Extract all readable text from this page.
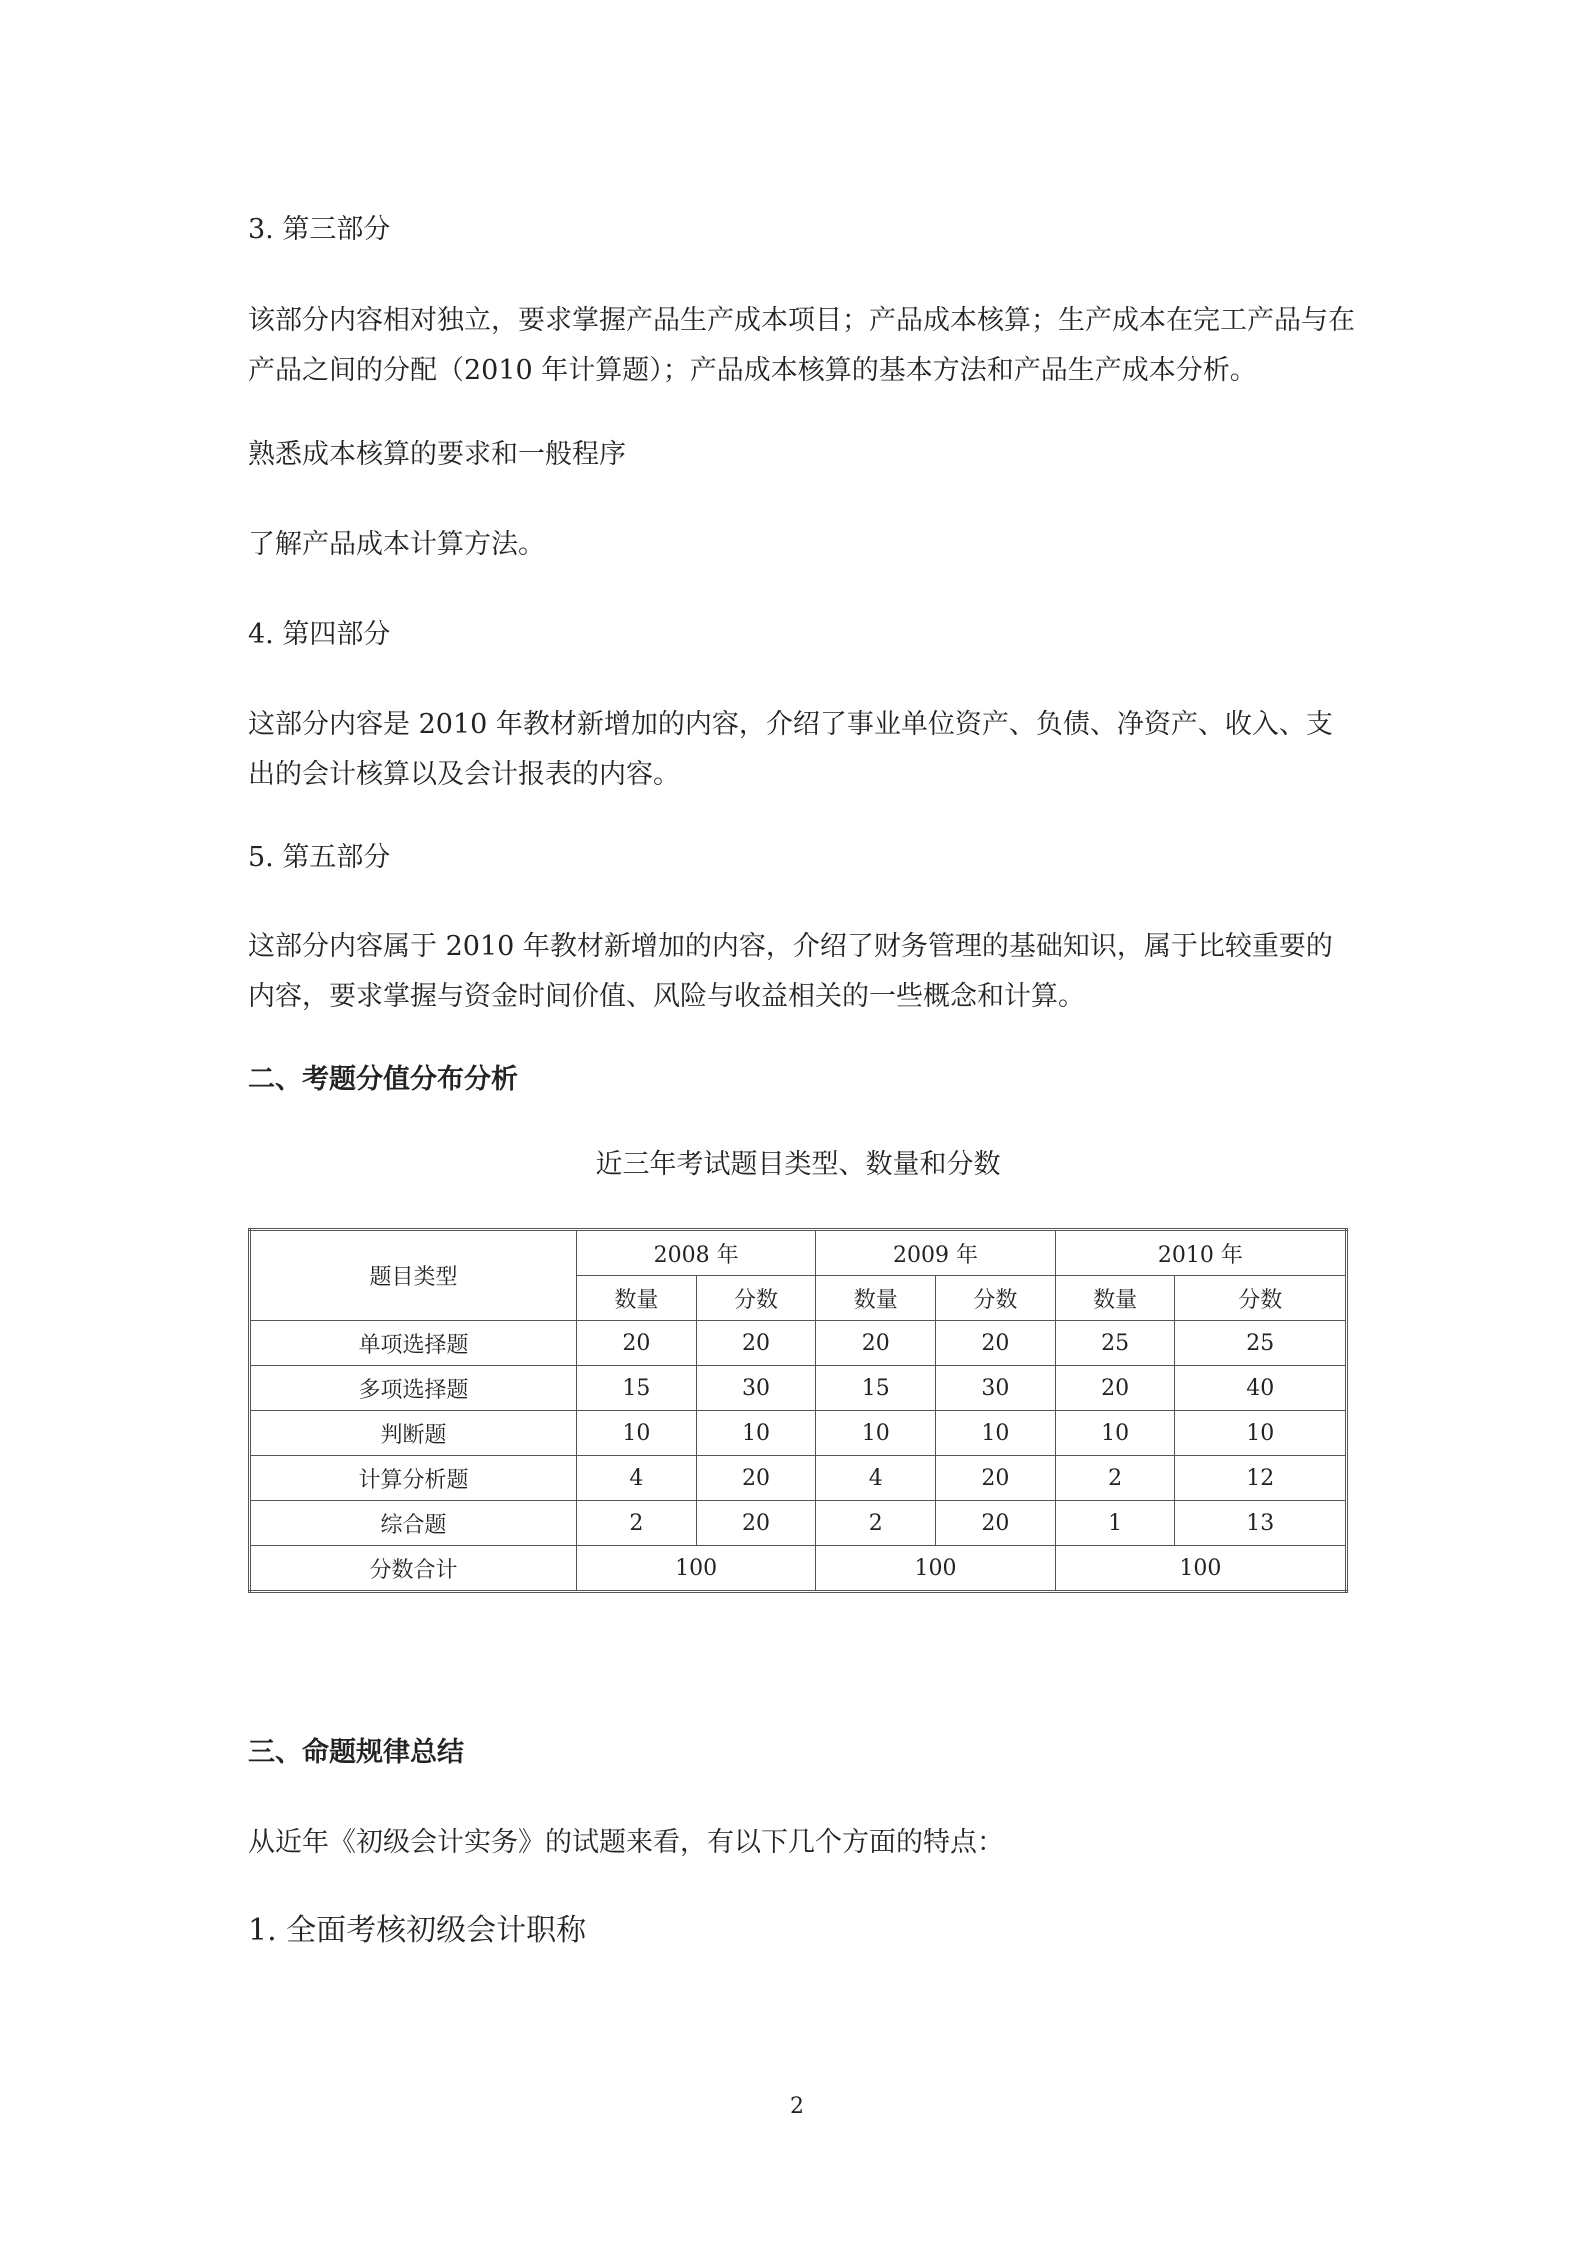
3. 第三部分

该部分内容相对独立，要求掌握产品生产成本项目；产品成本核算；生产成本在完工产品与在产品之间的分配（2010 年计算题）；产品成本核算的基本方法和产品生产成本分析。

熟悉成本核算的要求和一般程序

了解产品成本计算方法。

4. 第四部分

这部分内容是 2010 年教材新增加的内容，介绍了事业单位资产、负债、净资产、收入、支出的会计核算以及会计报表的内容。

5. 第五部分

这部分内容属于 2010 年教材新增加的内容，介绍了财务管理的基础知识，属于比较重要的内容，要求掌握与资金时间价值、风险与收益相关的一些概念和计算。

二、考题分值分布分析

近三年考试题目类型、数量和分数
题目类型	2008 年		2009 年		2010 年	
	数量	分数	数量	分数	数量	分数
单项选择题	20	20	20	20	25	25
多项选择题	15	30	15	30	20	40
判断题	10	10	10	10	10	10
计算分析题	4	20	4	20	2	12
综合题	2	20	2	20	1	13
分数合计	100		100		100	

三、命题规律总结

从近年《初级会计实务》的试题来看，有以下几个方面的特点：

1. 全面考核初级会计职称

2
